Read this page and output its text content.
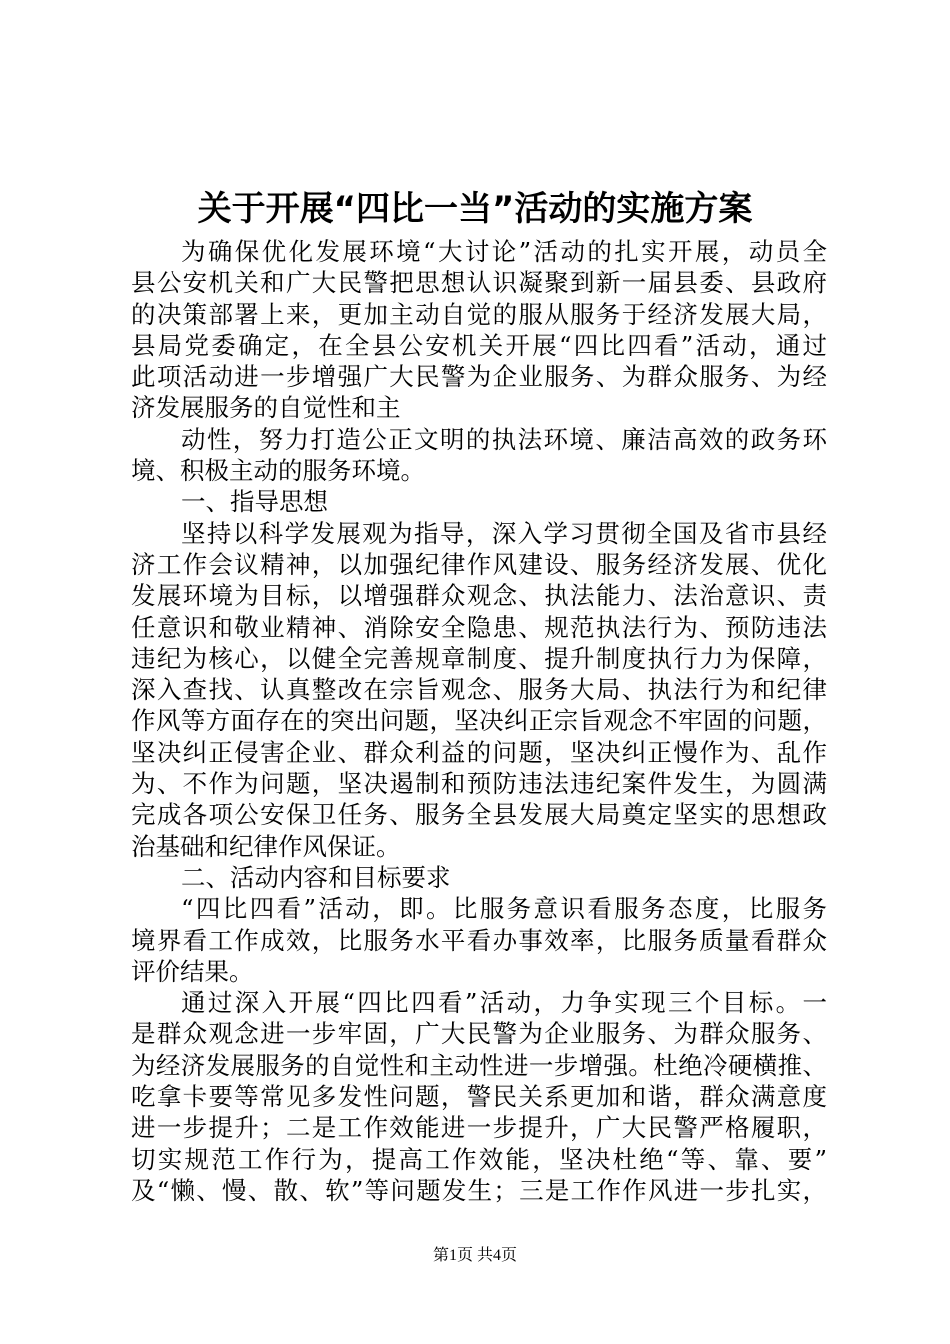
关于开展“四比一当”活动的实施方案
为确保优化发展环境“大讨论”活动的扎实开展，动员全
县公安机关和广大民警把思想认识凝聚到新一届县委、县政府
的决策部署上来，更加主动自觉的服从服务于经济发展大局，
县局党委确定，在全县公安机关开展“四比四看”活动，通过
此项活动进一步增强广大民警为企业服务、为群众服务、为经
济发展服务的自觉性和主
动性，努力打造公正文明的执法环境、廉洁高效的政务环
境、积极主动的服务环境。
一、指导思想
坚持以科学发展观为指导，深入学习贯彻全国及省市县经
济工作会议精神，以加强纪律作风建设、服务经济发展、优化
发展环境为目标，以增强群众观念、执法能力、法治意识、责
任意识和敬业精神、消除安全隐患、规范执法行为、预防违法
违纪为核心，以健全完善规章制度、提升制度执行力为保障，
深入查找、认真整改在宗旨观念、服务大局、执法行为和纪律
作风等方面存在的突出问题，坚决纠正宗旨观念不牢固的问题，
坚决纠正侵害企业、群众利益的问题，坚决纠正慢作为、乱作
为、不作为问题，坚决遏制和预防违法违纪案件发生，为圆满
完成各项公安保卫任务、服务全县发展大局奠定坚实的思想政
治基础和纪律作风保证。
二、活动内容和目标要求
“四比四看”活动，即。比服务意识看服务态度，比服务
境界看工作成效，比服务水平看办事效率，比服务质量看群众
评价结果。
通过深入开展“四比四看”活动，力争实现三个目标。一
是群众观念进一步牢固，广大民警为企业服务、为群众服务、
为经济发展服务的自觉性和主动性进一步增强。杜绝冷硬横推、
吃拿卡要等常见多发性问题，警民关系更加和谐，群众满意度
进一步提升；二是工作效能进一步提升，广大民警严格履职，
切实规范工作行为，提高工作效能，坚决杜绝“等、靠、要”
及“懒、慢、散、软”等问题发生；三是工作作风进一步扎实，
第1页 共4页
